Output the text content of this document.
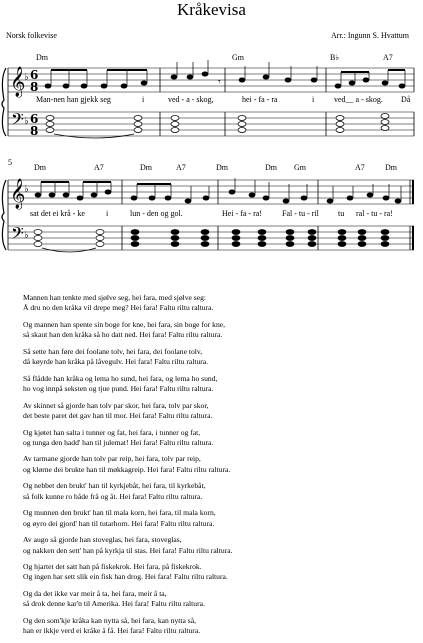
Kråkevisa
Norsk folkevise	Arr.: Ingunn S. Hvattum
𝄞
𝄢
𝄞
𝄢
♭
♭
♭
♭
6
8
6
8
𝄾
Dm	Gm	B♭	A7
Man-nen han gjekk seg	i	ved - a - skog,	hei - fa - ra	i ved__ a - skog. Då
5
Dm	A7	Dm	A7	Dm	Dm Gm	A7	Dm
sat det ei krå - ke	i	lun - den og gol.	Hei - fa - ra!	Fal - tu - ril tu ral - tu - ra!
Mannen han tenkte med sjølve seg, hei fara, med sjølve seg:
Å dru no den kråka vil drepe meg? Hei fara! Faltu riltu raltura.
Og mannen han spente sin boge for kne, hei fara, sin boge for kne,
så skaut han den kråka så ho datt ned. Hei fara! Faltu riltu raltura.
Så sette han føre dei foolane tolv, hei fara, dei foolane tolv,
då køyrde han kråka på låvegulv. Hei fara! Faltu riltu raltura.
Så flådde han kråka og lema ho sund, hei fara, og lema ho sund,
ho vog innpå seksten og tjue pund. Hei fara! Faltu riltu raltura.
Av skinnet så gjorde han tolv par skor, hei fara, tolv par skor,
det beste paret det gav han til mor. Hei fara! Faltu riltu raltura.
Og kjøtet han salta i tunner og fat, hei fara, i tunner og fat,
og tunga den hadd' han til julemat! Hei fara! Faltu riltu raltura.
Av tarmane gjorde han tolv par reip, hei fara, tolv par reip,
og klørne dei brukte han til møkkagreip. Hei fara! Faltu riltu raltura.
Og nebbet den brukt' han til kyrkjebåt, hei fara, til kyrkebåt,
så folk kunne ro både frå og åt. Hei fara! Faltu riltu raltura.
Og munnen den brukt' han til mala korn, hei fara, til mala korn,
og øyro dei gjord' han til tutarhorn. Hei fara! Faltu riltu raltura.
Av augo så gjorde han stoveglas, hei fara, stoveglas,
og nakken den sett' han på kyrkja til stas. Hei fara! Faltu riltu raltura.
Og hjartet det satt han på fiskekrok. Hei fara, på fiskekrok.
Og ingen har sett slik ein fisk han drog. Hei fara! Faltu riltu raltura.
Og da det ikke var meir å ta, hei fara, meir å ta,
så drok denne kar'n til Amerika. Hei fara! Faltu riltu raltura.
Og den som'kje kråka kan nytta så, hei fara, kan nytta så,
han er ikkje verd ei kråke å få. Hei fara! Faltu riltu raltura.
